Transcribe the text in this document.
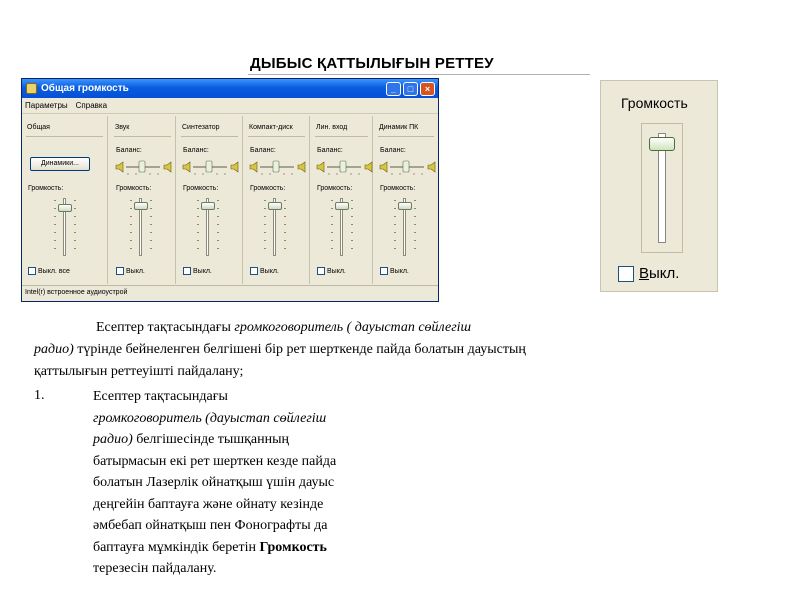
ДЫБЫС ҚАТТЫЛЫҒЫН РЕТТЕУ
Общая громкость	_	□	×
Параметры Справка
Общая
Динамики...
Громкость:
Выкл. все
Звук
Баланс:
Громкость:
Выкл.
Синтезатор
Баланс:
Громкость:
Выкл.
Компакт-диск
Баланс:
Громкость:
Выкл.
Лин. вход
Баланс:
Громкость:
Выкл.
Динамик ПК
Баланс:
Громкость:
Выкл.
Intel(r) встроенное аудиоустрой
Громкость
Выкл.
Есептер тақтасындағы громкоговоритель ( дауыстап сөйлегіш
радио) түрінде бейнеленген белгішені бір рет шерткенде пайда болатын дауыстың
қаттылығын реттеуішті пайдалану;
1.	Есептер тақтасындағы
громкоговоритель (дауыстап сөйлегіш
радио) белгішесінде тышқанның
батырмасын екі рет шерткен кезде пайда
болатын Лазерлік ойнатқыш үшін дауыс
деңгейін баптауға және ойнату кезінде
әмбебап ойнатқыш пен Фонографты да
баптауға мұмкіндік беретін Громкость
терезесін пайдалану.
